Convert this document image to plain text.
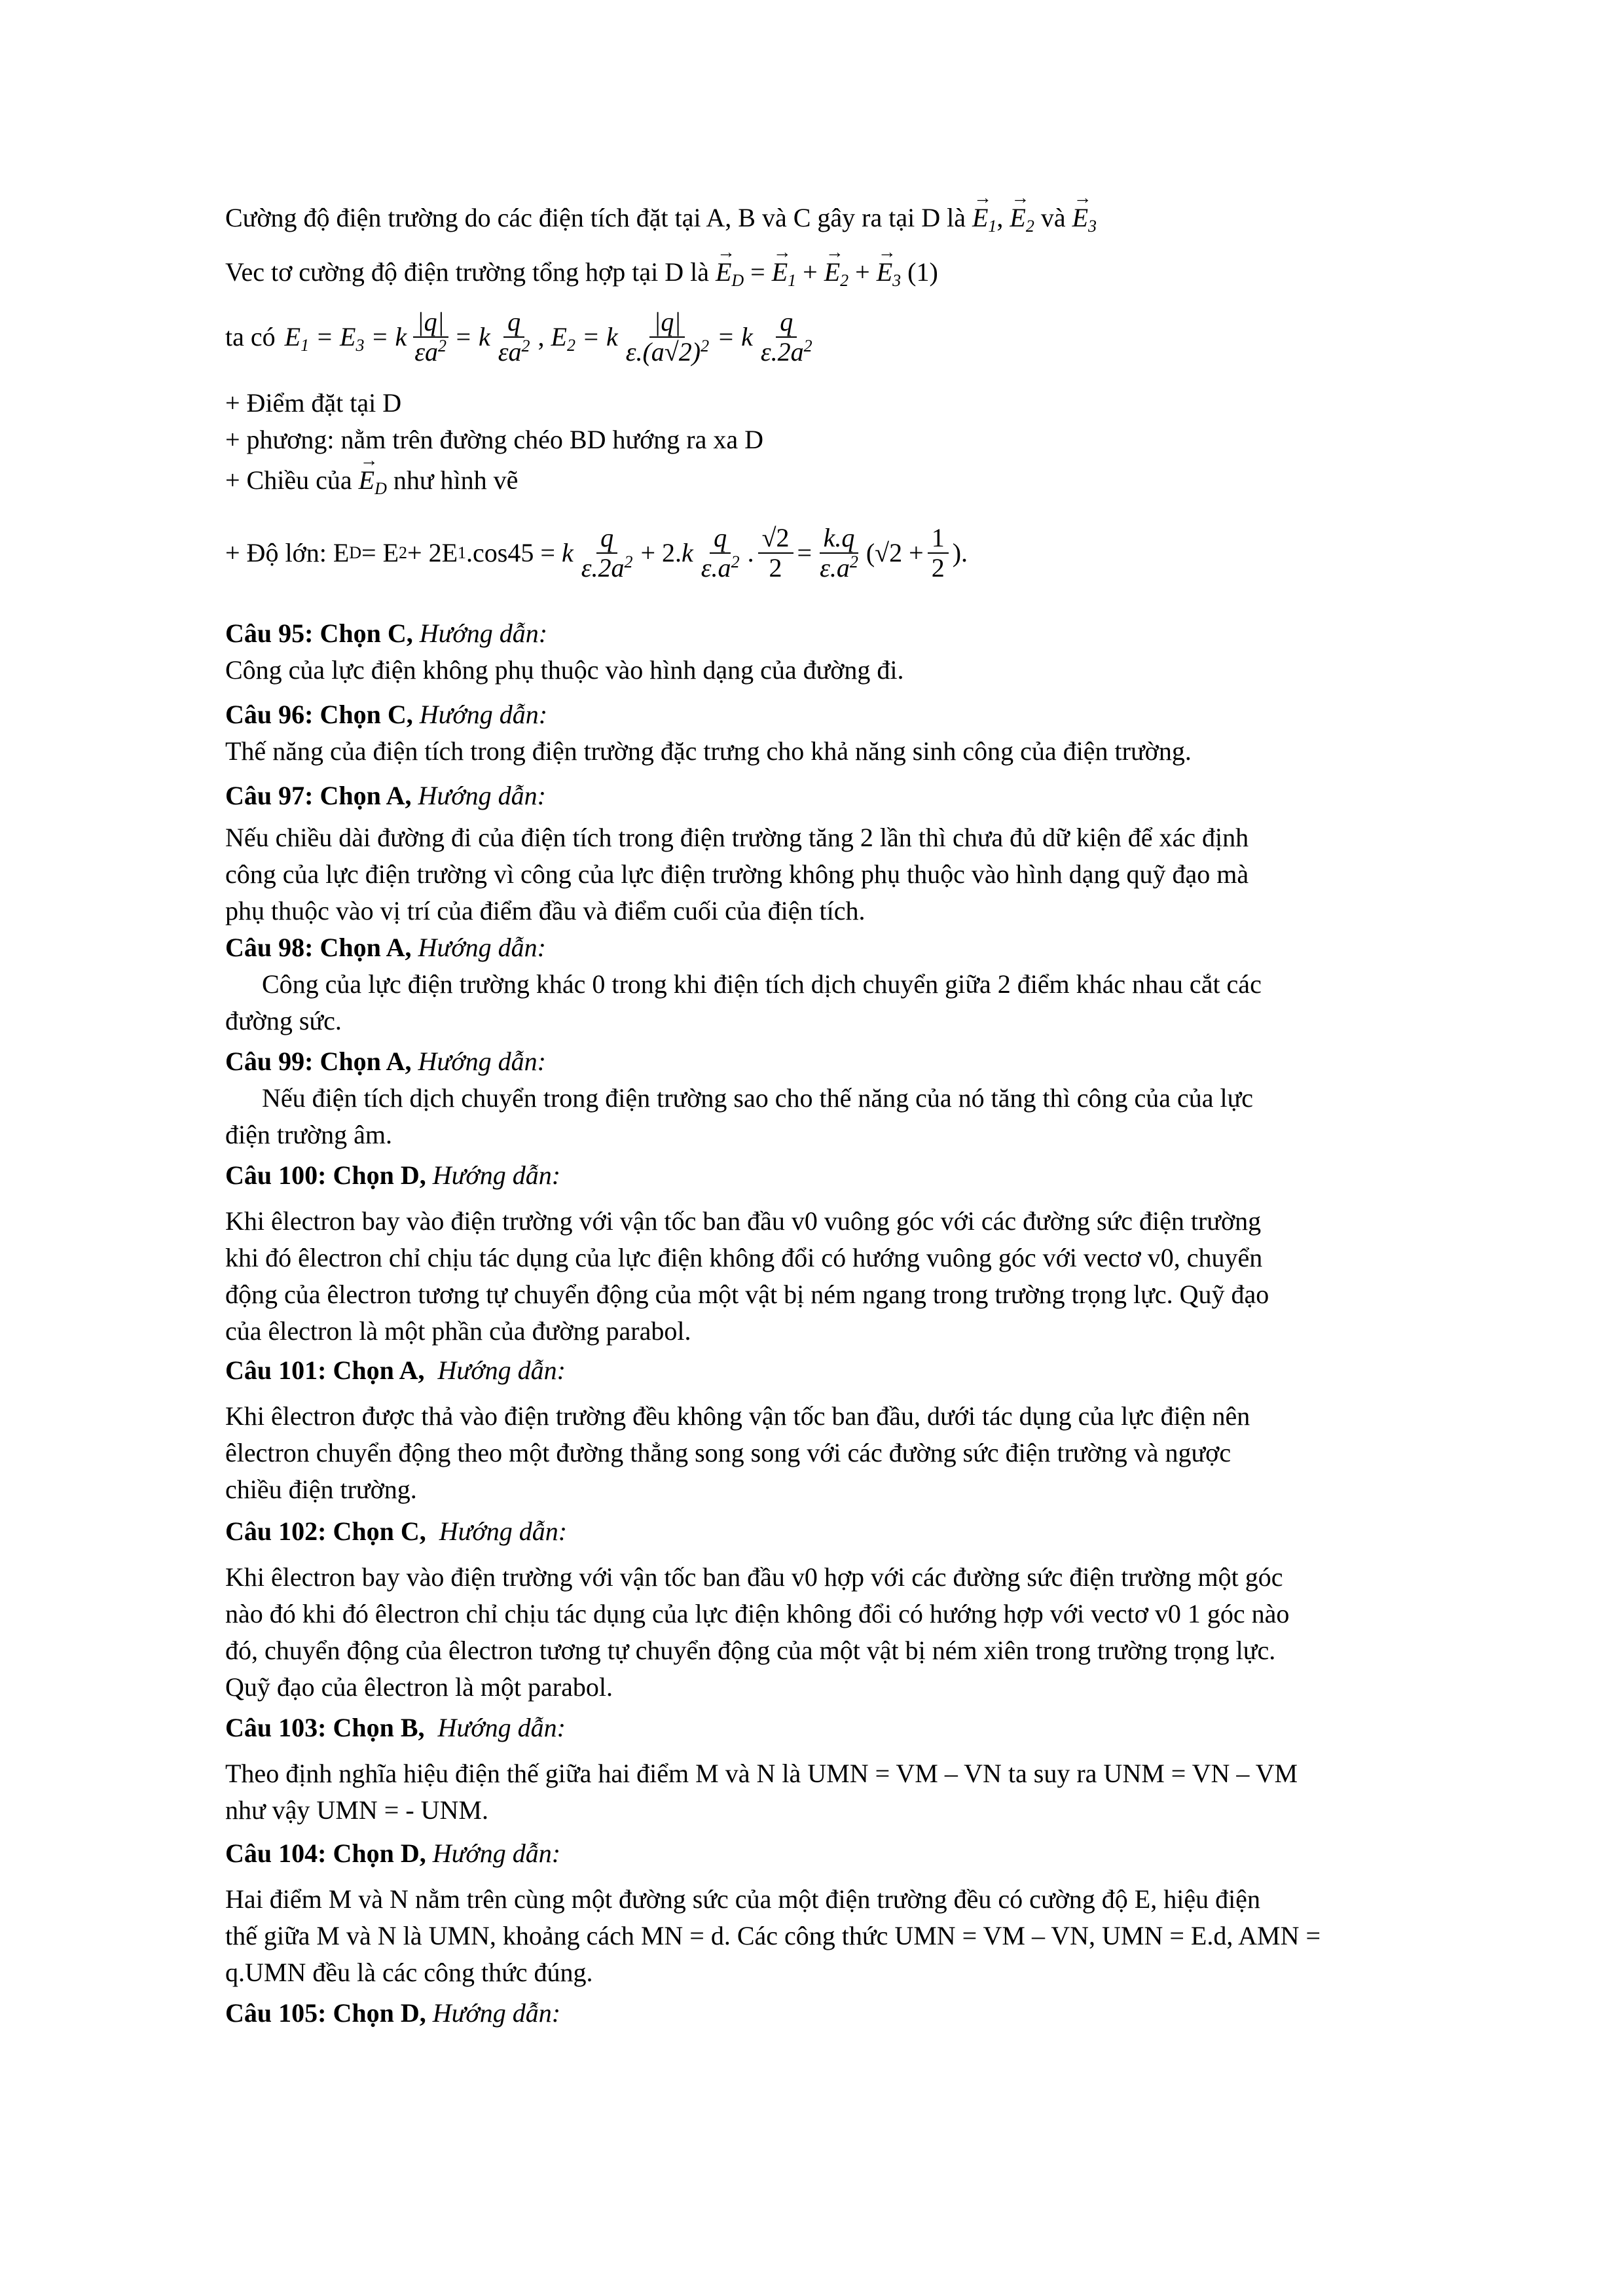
Cường độ điện trường do các điện tích đặt tại A, B và C gây ra tại D là → $E_1$, → $E_2$ và → $E_3$
Vec tơ cường độ điện trường tổng hợp tại D là → $E_D$ = → $E_1$ + → $E_2$ + → $E_3$ (1)
ta có $E_1 = E_3 = k \frac{|q|}{\varepsilon a^2} = k \frac{q}{\varepsilon a^2}$ , $E_2 = k \frac{|q|}{\varepsilon.(a√2)^2} = k \frac{q}{\varepsilon.2a^2}$
+ Điểm đặt tại D
+ phương: nằm trên đường chéo BD hướng ra xa D
+ Chiều của → $E_D$ như hình vẽ
+ Độ lớn: E D = E 2 + 2E 1 .cos45 = k $\frac{q}{\varepsilon.2a^2} + 2$. k $\frac{q}{\varepsilon.a^2}$ . $\frac{√2}{2} = \frac{k.q}{\varepsilon.a^2} (√2 + \frac{1}{2}$ ).
Câu 95: Chọn C, Hướng dẫn:
Công của lực điện không phụ thuộc vào hình dạng của đường đi.
Câu 96: Chọn C, Hướng dẫn:
Thế năng của điện tích trong điện trường đặc trưng cho khả năng sinh công của điện trường.
Câu 97: Chọn A, Hướng dẫn:
Nếu chiều dài đường đi của điện tích trong điện trường tăng 2 lần thì chưa đủ dữ kiện để xác định
công của lực điện trường vì công của lực điện trường không phụ thuộc vào hình dạng quỹ đạo mà
phụ thuộc vào vị trí của điểm đầu và điểm cuối của điện tích.
Câu 98: Chọn A, Hướng dẫn:
Công của lực điện trường khác 0 trong khi điện tích dịch chuyển giữa 2 điểm khác nhau cắt các
đường sức.
Câu 99: Chọn A, Hướng dẫn:
Nếu điện tích dịch chuyển trong điện trường sao cho thế năng của nó tăng thì công của của lực
điện trường âm.
Câu 100: Chọn D, Hướng dẫn:
Khi êlectron bay vào điện trường với vận tốc ban đầu v0 vuông góc với các đường sức điện trường
khi đó êlectron chỉ chịu tác dụng của lực điện không đổi có hướng vuông góc với vectơ v0, chuyển
động của êlectron tương tự chuyển động của một vật bị ném ngang trong trường trọng lực. Quỹ đạo
của êlectron là một phần của đường parabol.
Câu 101: Chọn A, Hướng dẫn:
Khi êlectron được thả vào điện trường đều không vận tốc ban đầu, dưới tác dụng của lực điện nên
êlectron chuyển động theo một đường thẳng song song với các đường sức điện trường và ngược
chiều điện trường.
Câu 102: Chọn C, Hướng dẫn:
Khi êlectron bay vào điện trường với vận tốc ban đầu v0 hợp với các đường sức điện trường một góc
nào đó khi đó êlectron chỉ chịu tác dụng của lực điện không đổi có hướng hợp với vectơ v0 1 góc nào
đó, chuyển động của êlectron tương tự chuyển động của một vật bị ném xiên trong trường trọng lực.
Quỹ đạo của êlectron là một parabol.
Câu 103: Chọn B, Hướng dẫn:
Theo định nghĩa hiệu điện thế giữa hai điểm M và N là UMN = VM – VN ta suy ra UNM = VN – VM
như vậy UMN = - UNM.
Câu 104: Chọn D, Hướng dẫn:
Hai điểm M và N nằm trên cùng một đường sức của một điện trường đều có cường độ E, hiệu điện
thế giữa M và N là UMN, khoảng cách MN = d. Các công thức UMN = VM – VN, UMN = E.d, AMN =
q.UMN đều là các công thức đúng.
Câu 105: Chọn D, Hướng dẫn:
